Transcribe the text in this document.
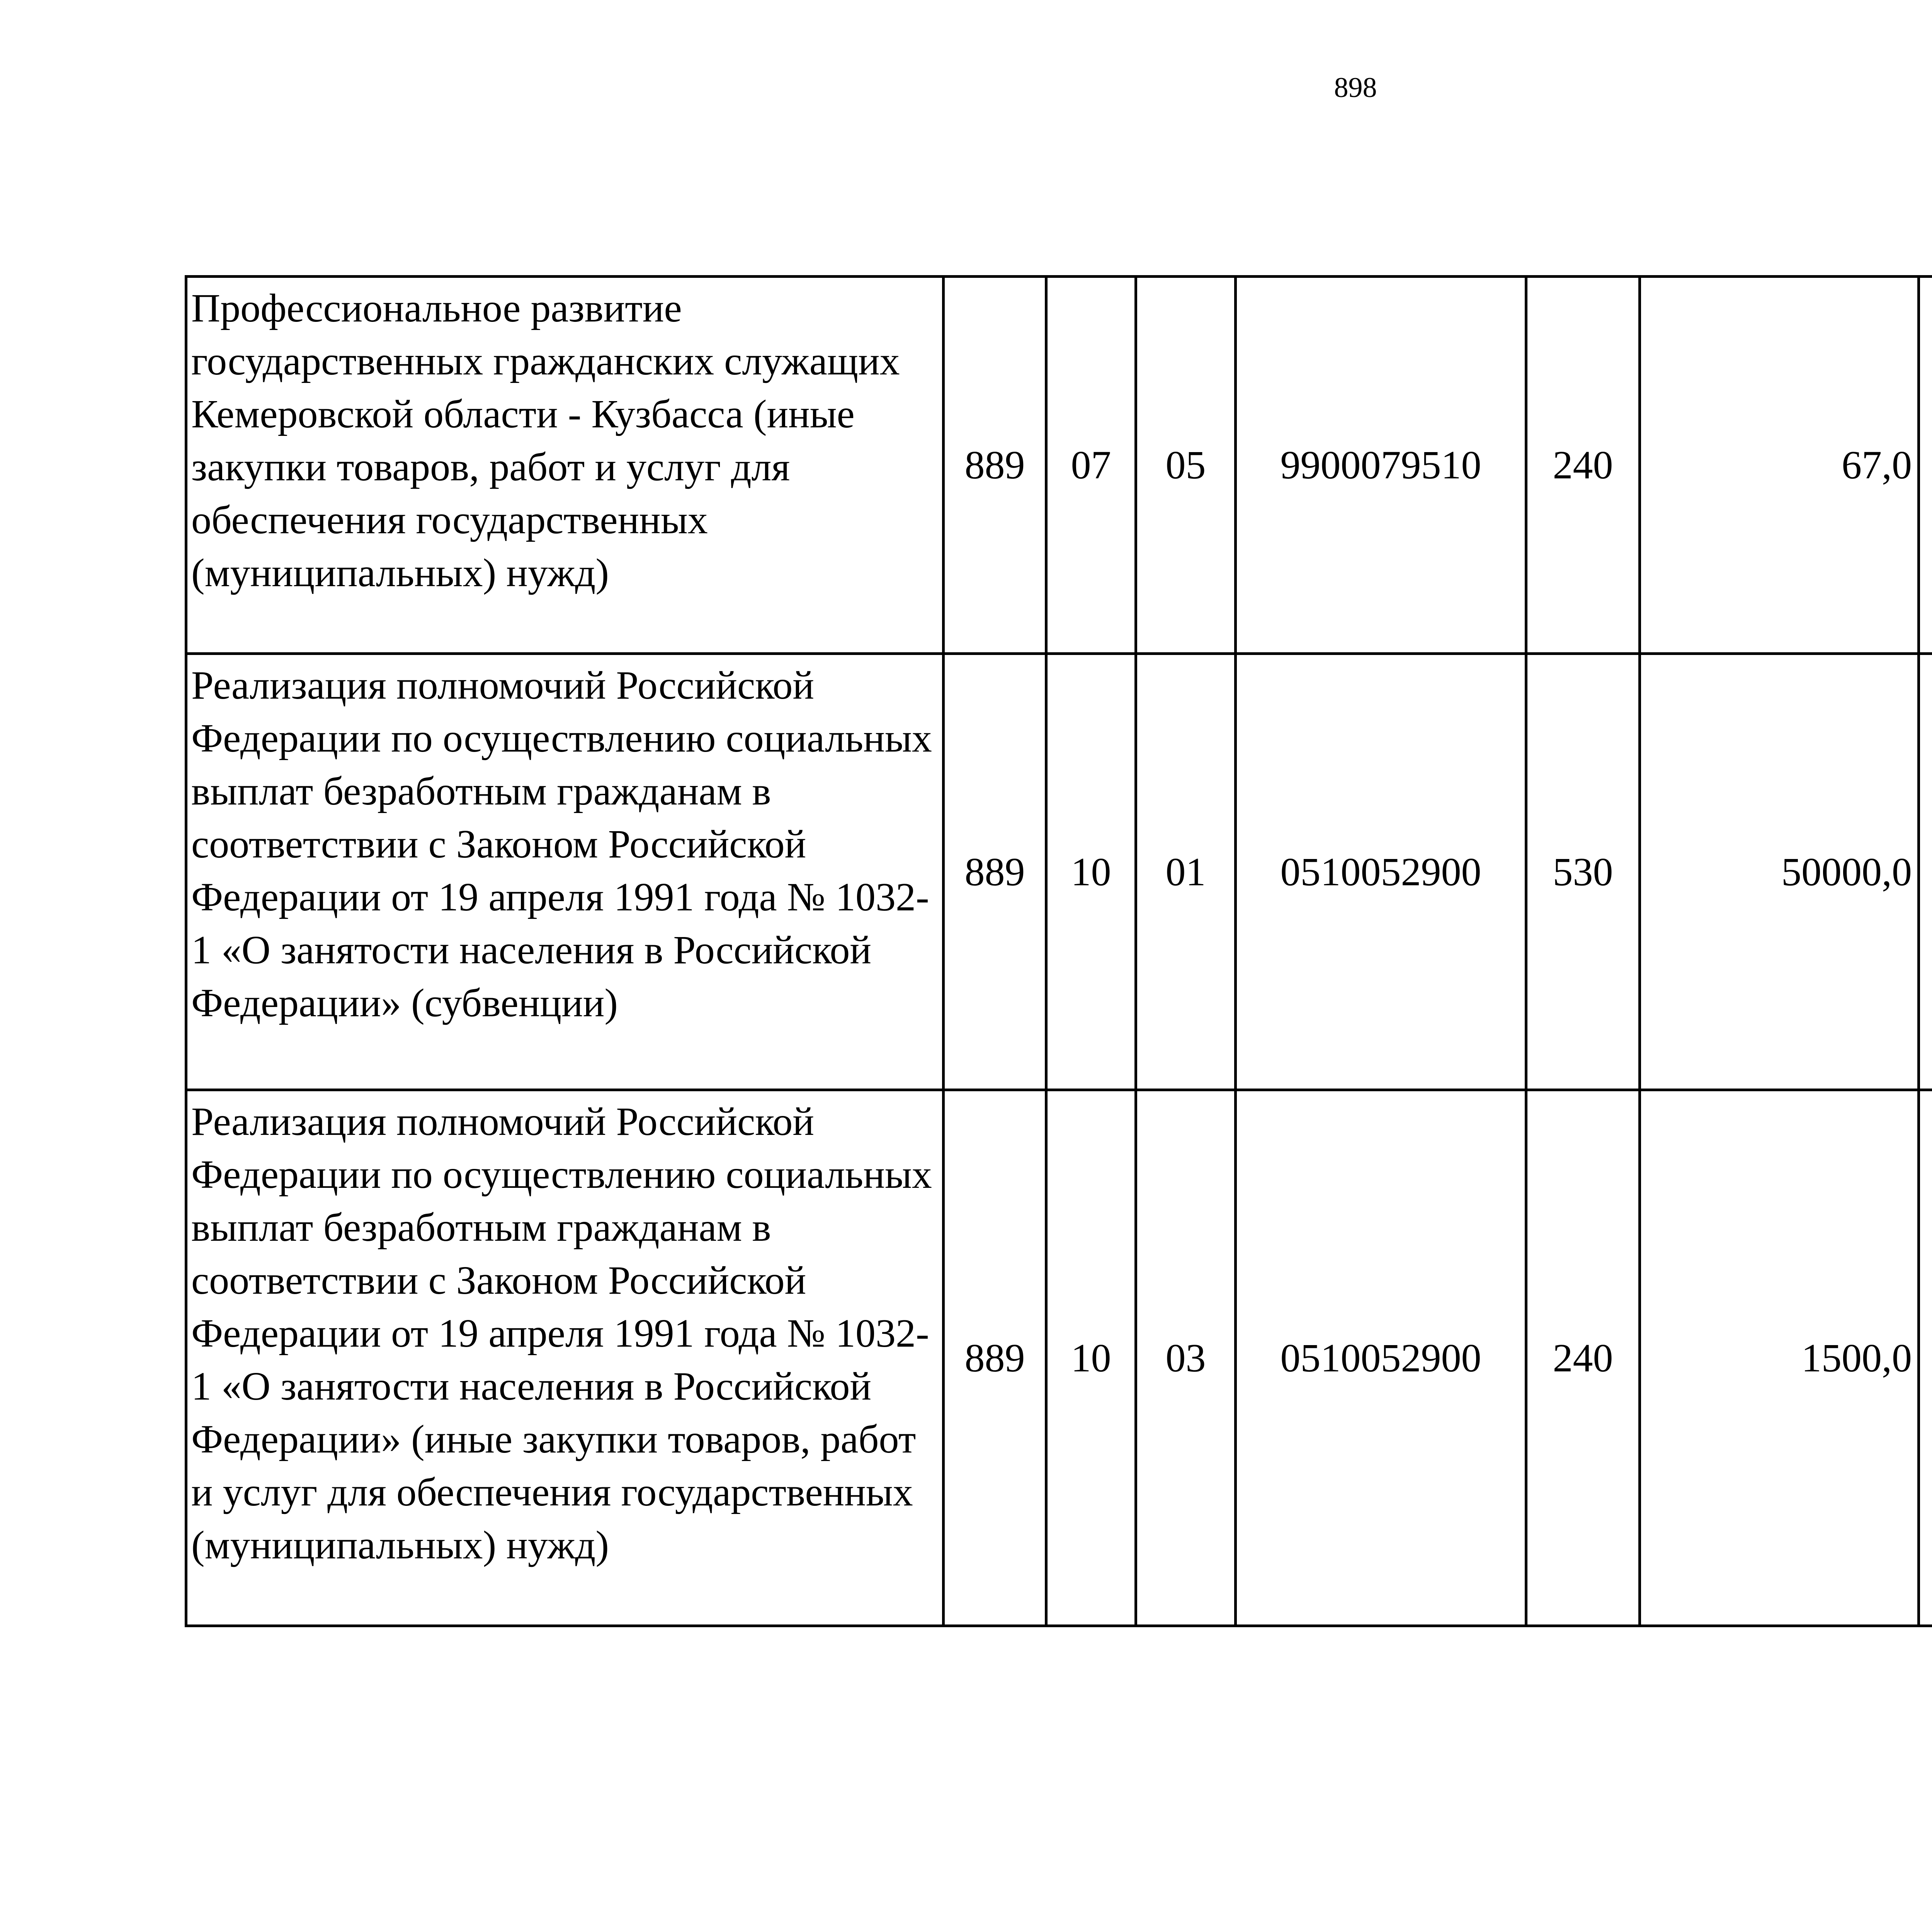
898
Профессиональное развитие государственных гражданских служащих Кемеровской области - Кузбасса (иные закупки товаров, работ и услуг для обеспечения государственных (муниципальных) нужд)	889	07	05	9900079510	240	67,0		
Реализация полномочий Российской Федерации по осуществлению социальных выплат безработным гражданам в соответствии с Законом Российской Федерации от 19 апреля 1991 года № 1032-1 «О занятости населения в Российской Федерации» (субвенции)	889	10	01	0510052900	530	50000,0		
Реализация полномочий Российской Федерации по осуществлению социальных выплат безработным гражданам в соответствии с Законом Российской Федерации от 19 апреля 1991 года № 1032-1 «О занятости населения в Российской Федерации» (иные закупки товаров, работ и услуг для обеспечения государственных (муниципальных) нужд)	889	10	03	0510052900	240	1500,0		
